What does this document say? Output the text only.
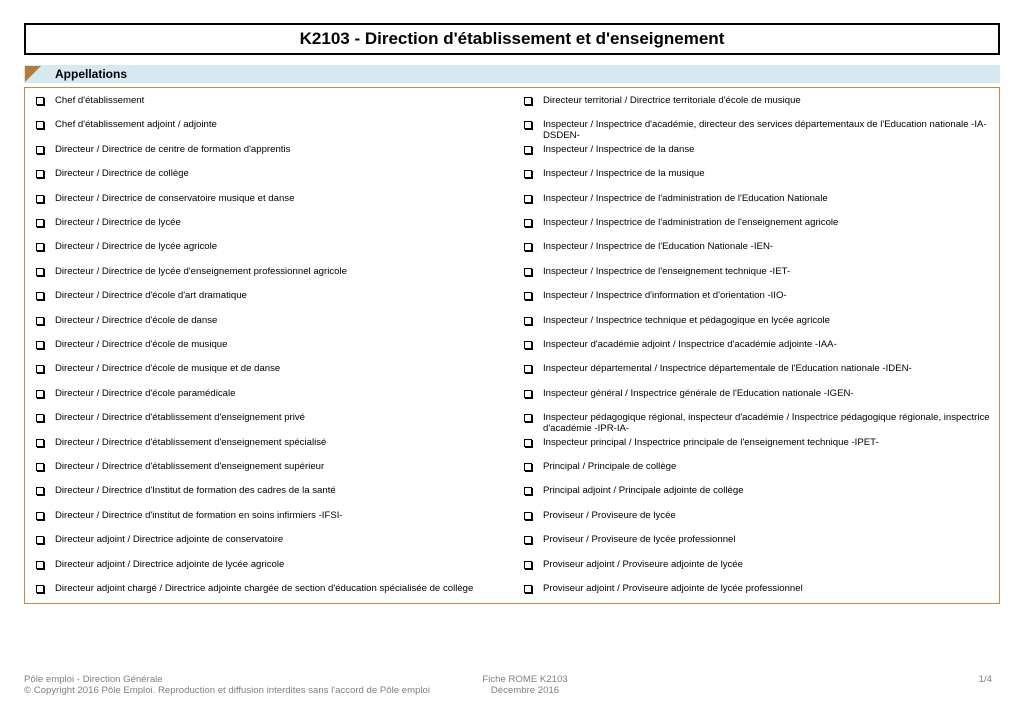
K2103 - Direction d'établissement et d'enseignement
Appellations
Chef d'établissement
Chef d'établissement adjoint / adjointe
Directeur / Directrice de centre de formation d'apprentis
Directeur / Directrice de collège
Directeur / Directrice de conservatoire musique et danse
Directeur / Directrice de lycée
Directeur / Directrice de lycée agricole
Directeur / Directrice de lycée d'enseignement professionnel agricole
Directeur / Directrice d'école d'art dramatique
Directeur / Directrice d'école de danse
Directeur / Directrice d'école de musique
Directeur / Directrice d'école de musique et de danse
Directeur / Directrice d'école paramédicale
Directeur / Directrice d'établissement d'enseignement privé
Directeur / Directrice d'établissement d'enseignement spécialisé
Directeur / Directrice d'établissement d'enseignement supérieur
Directeur / Directrice d'Institut de formation des cadres de la santé
Directeur / Directrice d'institut de formation en soins infirmiers -IFSI-
Directeur adjoint / Directrice adjointe de conservatoire
Directeur adjoint / Directrice adjointe de lycée agricole
Directeur adjoint chargé / Directrice adjointe chargée de section d'éducation spécialisée de collège
Directeur territorial / Directrice territoriale d'école de musique
Inspecteur / Inspectrice d'académie, directeur des services départementaux de l'Education nationale -IA-DSDEN-
Inspecteur / Inspectrice de la danse
Inspecteur / Inspectrice de la musique
Inspecteur / Inspectrice de l'administration de l'Education Nationale
Inspecteur / Inspectrice de l'administration de l'enseignement agricole
Inspecteur / Inspectrice de l'Education Nationale -IEN-
Inspecteur / Inspectrice de l'enseignement technique -IET-
Inspecteur / Inspectrice d'information et d'orientation -IIO-
Inspecteur / Inspectrice technique et pédagogique en lycée agricole
Inspecteur d'académie adjoint / Inspectrice d'académie adjointe -IAA-
Inspecteur départemental / Inspectrice départementale de l'Education nationale -IDEN-
Inspecteur général / Inspectrice générale de l'Education nationale -IGEN-
Inspecteur pédagogique régional, inspecteur d'académie / Inspectrice pédagogique régionale, inspectrice d'académie -IPR-IA-
Inspecteur principal / Inspectrice principale de l'enseignement technique -IPET-
Principal / Principale de collège
Principal adjoint / Principale adjointe de collège
Proviseur / Proviseure de lycée
Proviseur / Proviseure de lycée professionnel
Proviseur adjoint / Proviseure adjointe de lycée
Proviseur adjoint / Proviseure adjointe de lycée professionnel
Pôle emploi - Direction Générale
© Copyright 2016 Pôle Emploi. Reproduction et diffusion interdites sans l'accord de Pôle emploi
Fiche ROME K2103
Décembre 2016
1/4
